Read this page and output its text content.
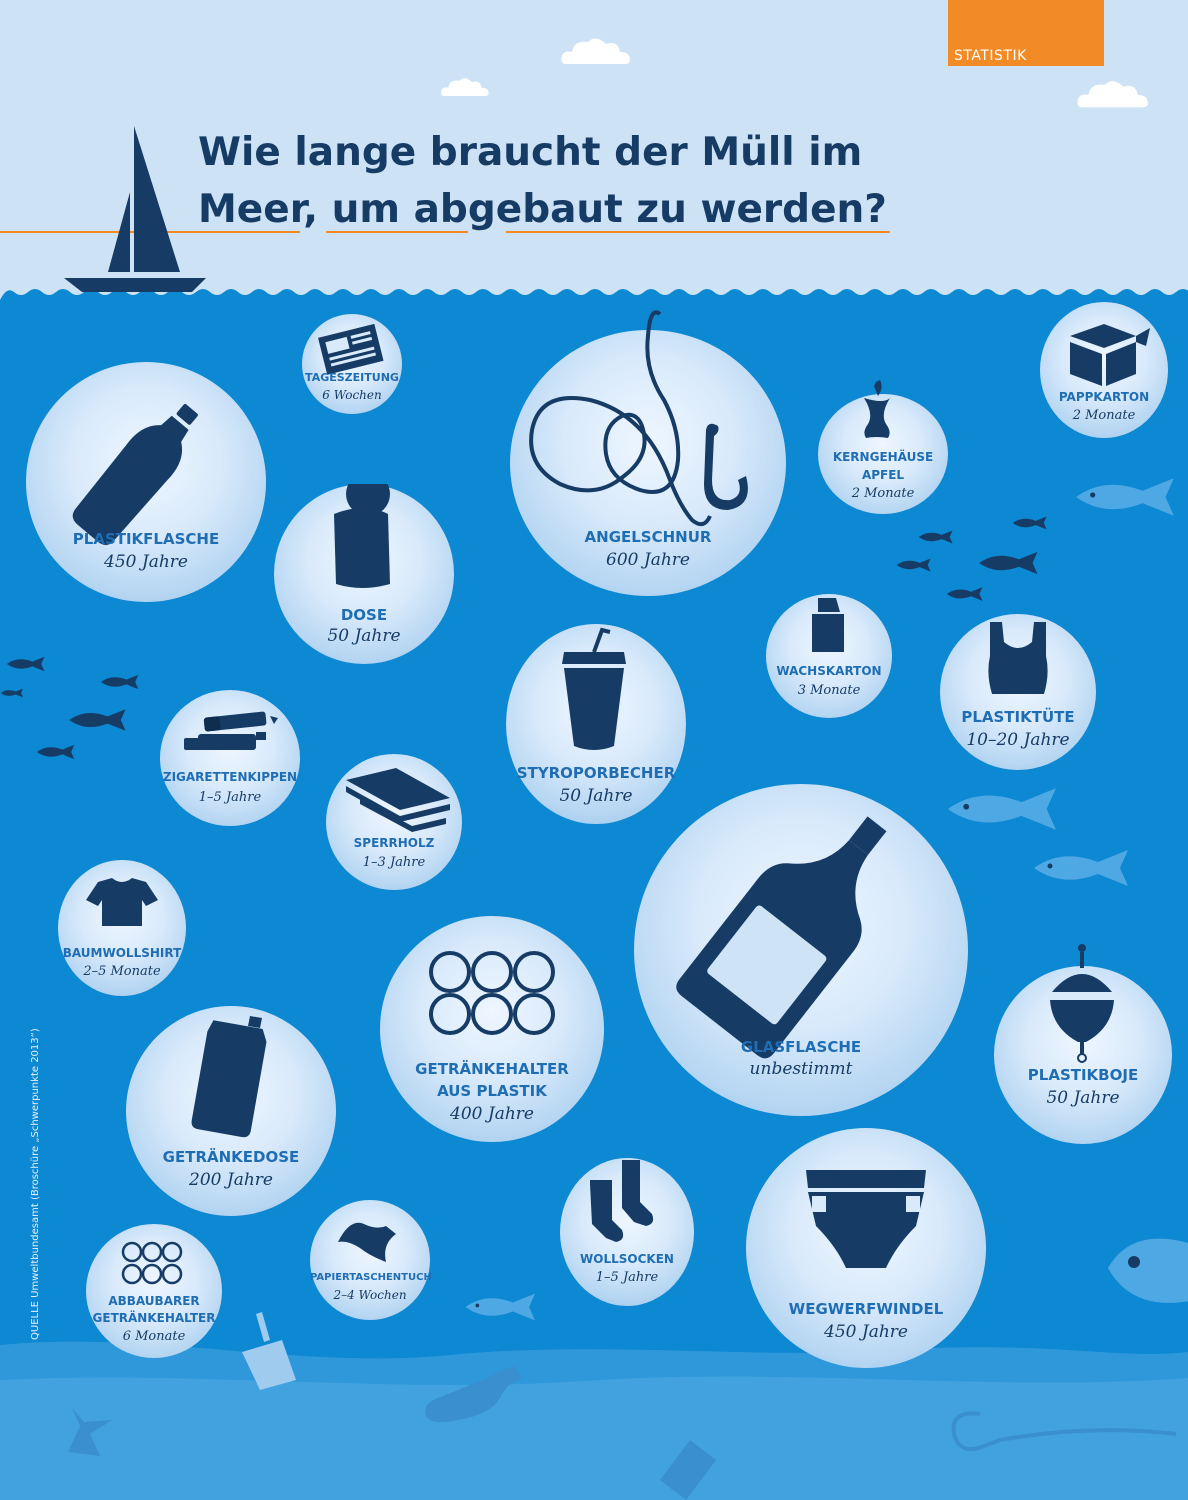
STATISTIK
Wie lange braucht der Müll im
Meer, um abgebaut zu werden?
QUELLE Umweltbundesamt (Broschüre „Schwerpunkte 2013“)
PLASTIKFLASCHE
450 Jahre
TAGESZEITUNG
6 Wochen
DOSE
50 Jahre
ANGELSCHNUR
600 Jahre
KERNGEHÄUSE
APFEL
2 Monate
PAPPKARTON
2 Monate
WACHSKARTON
3 Monate
PLASTIKTÜTE
10–20 Jahre
ZIGARETTENKIPPEN
1–5 Jahre
STYROPORBECHER
50 Jahre
SPERRHOLZ
1–3 Jahre
BAUMWOLLSHIRT
2–5 Monate
GLASFLASCHE
unbestimmt
GETRÄNKEHALTER
AUS PLASTIK
400 Jahre
PLASTIKBOJE
50 Jahre
GETRÄNKEDOSE
200 Jahre
ABBAUBARER
GETRÄNKEHALTER
6 Monate
PAPIERTASCHENTUCH
2–4 Wochen
WOLLSOCKEN
1–5 Jahre
WEGWERFWINDEL
450 Jahre
